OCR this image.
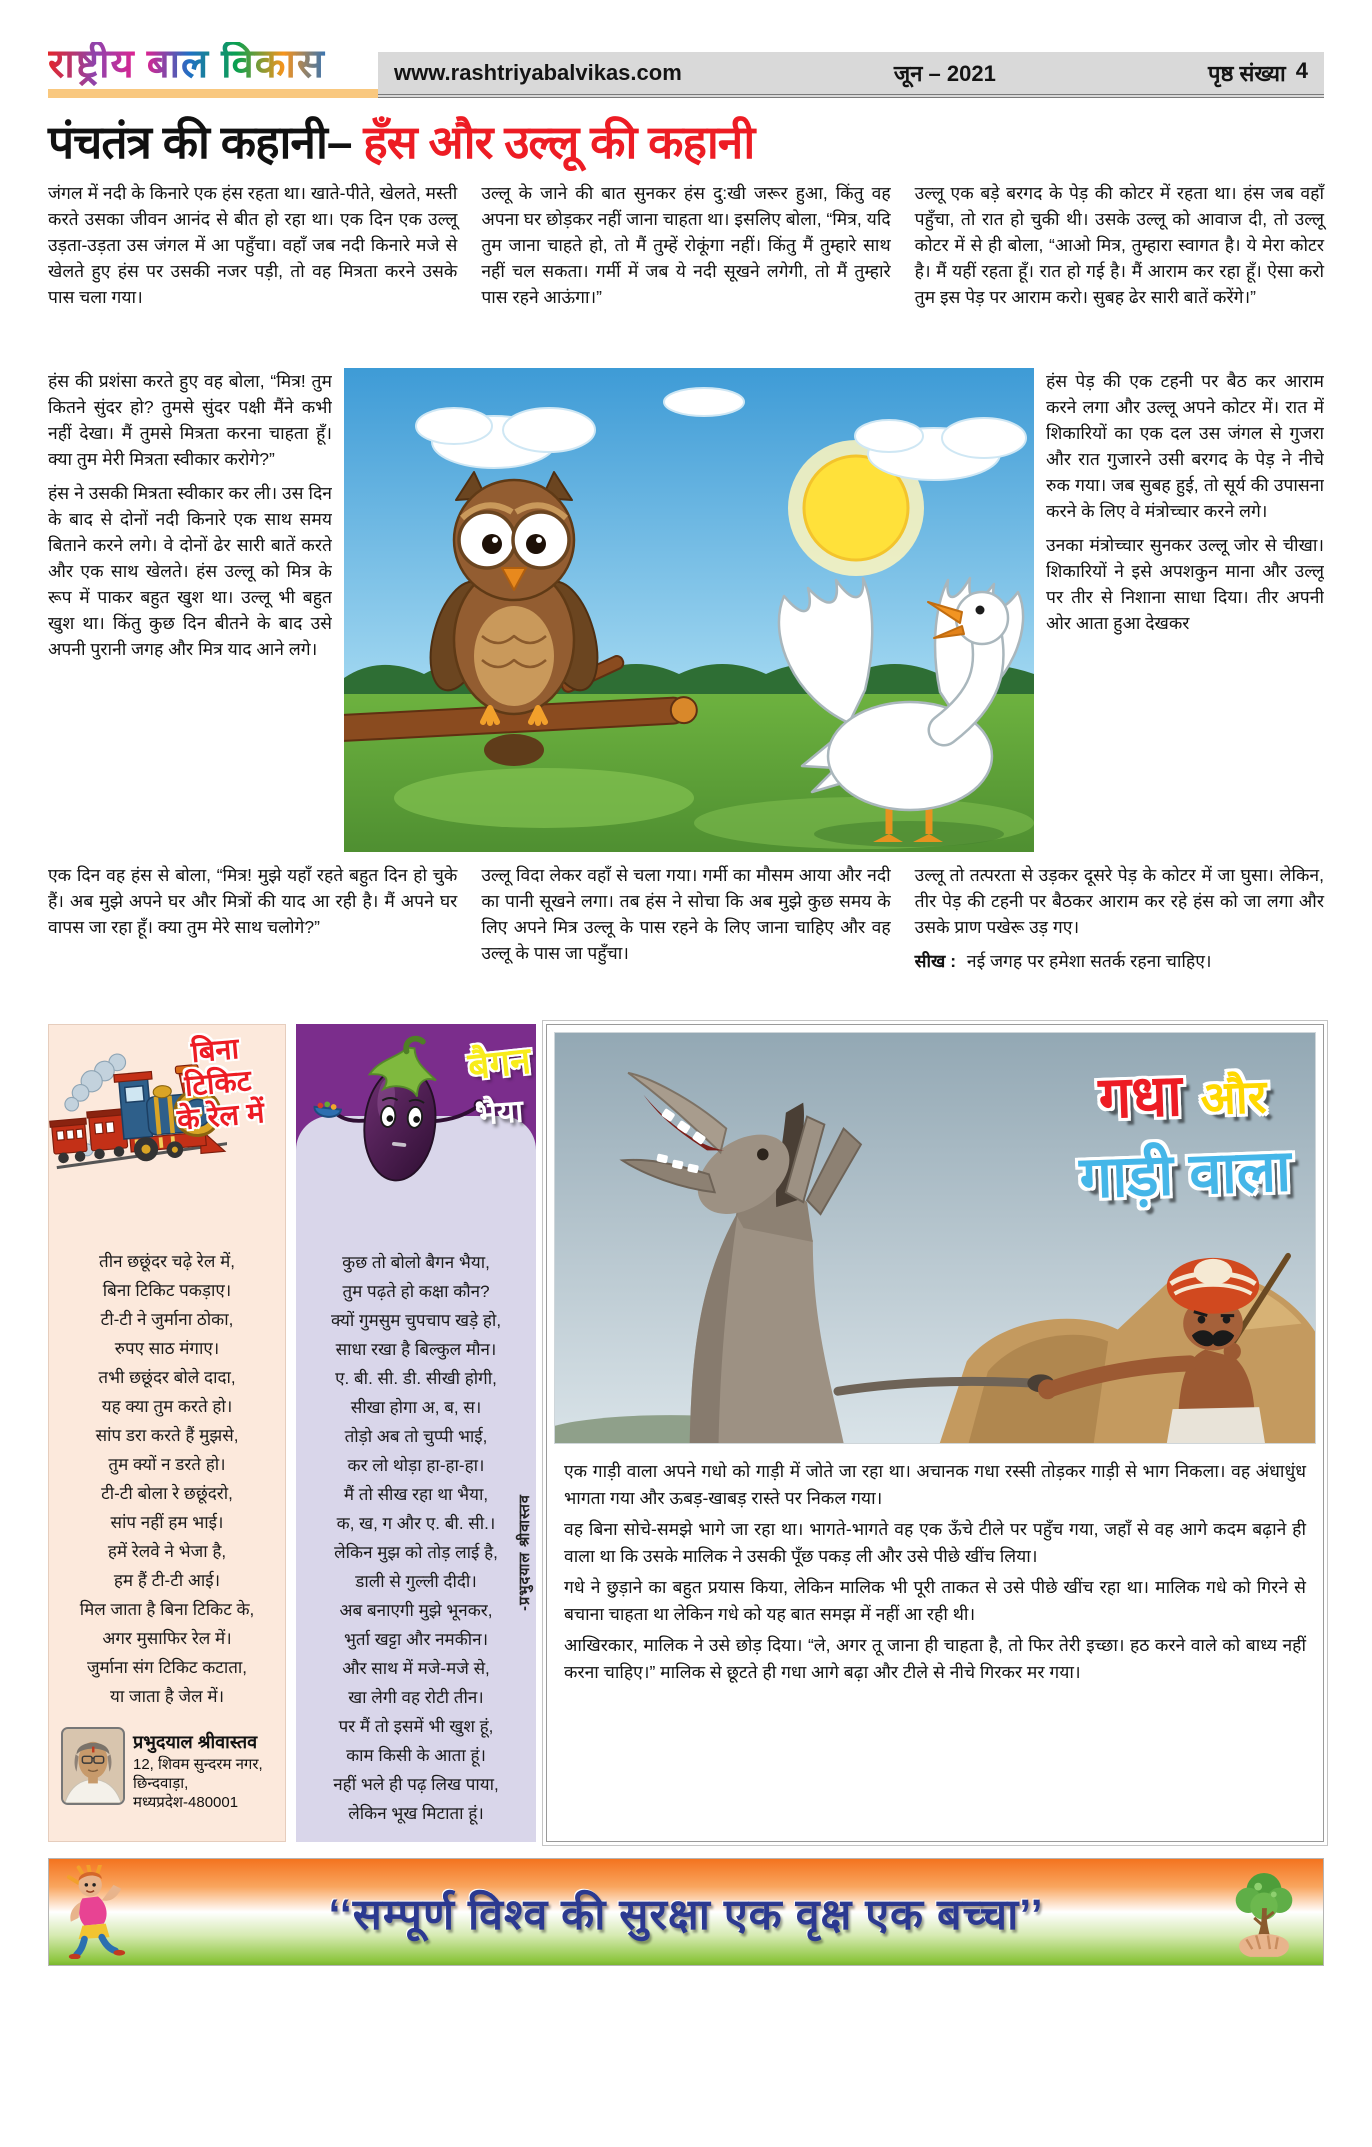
राष्ट्रीय बाल विकास	www.rashtriyabalvikas.com	जून – 2021	पृष्ठ संख्या 4
पंचतंत्र की कहानी– हँस और उल्लू की कहानी

जंगल में नदी के किनारे एक हंस रहता था। खाते-पीते, खेलते, मस्ती करते उसका जीवन आनंद से बीत हो रहा था। एक दिन एक उल्लू उड़ता-उड़ता उस जंगल में आ पहुँचा। वहाँ जब नदी किनारे मजे से खेलते हुए हंस पर उसकी नजर पड़ी, तो वह मित्रता करने उसके पास चला गया।

उल्लू के जाने की बात सुनकर हंस दु:खी जरूर हुआ, किंतु वह अपना घर छोड़कर नहीं जाना चाहता था। इसलिए बोला, “मित्र, यदि तुम जाना चाहते हो, तो मैं तुम्हें रोकूंगा नहीं। किंतु मैं तुम्हारे साथ नहीं चल सकता। गर्मी में जब ये नदी सूखने लगेगी, तो मैं तुम्हारे पास रहने आऊंगा।”

उल्लू एक बड़े बरगद के पेड़ की कोटर में रहता था। हंस जब वहाँ पहुँचा, तो रात हो चुकी थी। उसके उल्लू को आवाज दी, तो उल्लू कोटर में से ही बोला, “आओ मित्र, तुम्हारा स्वागत है। ये मेरा कोटर है। मैं यहीं रहता हूँ। रात हो गई है। मैं आराम कर रहा हूँ। ऐसा करो तुम इस पेड़ पर आराम करो। सुबह ढेर सारी बातें करेंगे।”

हंस की प्रशंसा करते हुए वह बोला, “मित्र! तुम कितने सुंदर हो? तुमसे सुंदर पक्षी मैंने कभी नहीं देखा। मैं तुमसे मित्रता करना चाहता हूँ। क्या तुम मेरी मित्रता स्वीकार करोगे?”

हंस ने उसकी मित्रता स्वीकार कर ली। उस दिन के बाद से दोनों नदी किनारे एक साथ समय बिताने करने लगे। वे दोनों ढेर सारी बातें करते और एक साथ खेलते। हंस उल्लू को मित्र के रूप में पाकर बहुत खुश था। उल्लू भी बहुत खुश था। किंतु कुछ दिन बीतने के बाद उसे अपनी पुरानी जगह और मित्र याद आने लगे।

हंस पेड़ की एक टहनी पर बैठ कर आराम करने लगा और उल्लू अपने कोटर में। रात में शिकारियों का एक दल उस जंगल से गुजरा और रात गुजारने उसी बरगद के पेड़ ने नीचे रुक गया। जब सुबह हुई, तो सूर्य की उपासना करने के लिए वे मंत्रोच्चार करने लगे।

उनका मंत्रोच्चार सुनकर उल्लू जोर से चीखा। शिकारियों ने इसे अपशकुन माना और उल्लू पर तीर से निशाना साधा दिया। तीर अपनी ओर आता हुआ देखकर

एक दिन वह हंस से बोला, “मित्र! मुझे यहाँ रहते बहुत दिन हो चुके हैं। अब मुझे अपने घर और मित्रों की याद आ रही है। मैं अपने घर वापस जा रहा हूँ। क्या तुम मेरे साथ चलोगे?”

उल्लू विदा लेकर वहाँ से चला गया। गर्मी का मौसम आया और नदी का पानी सूखने लगा। तब हंस ने सोचा कि अब मुझे कुछ समय के लिए अपने मित्र उल्लू के पास रहने के लिए जाना चाहिए और वह उल्लू के पास जा पहुँचा।

उल्लू तो तत्परता से उड़कर दूसरे पेड़ के कोटर में जा घुसा। लेकिन, तीर पेड़ की टहनी पर बैठकर आराम कर रहे हंस को जा लगा और उसके प्राण पखेरू उड़ गए।

सीख : नई जगह पर हमेशा सतर्क रहना चाहिए।

बिना
टिकिट
के रेल में
तीन छछूंदर चढ़े रेल में,
बिना टिकिट पकड़ाए।
टी-टी ने जुर्माना ठोका,
रुपए साठ मंगाए।
तभी छछूंदर बोले दादा,
यह क्या तुम करते हो।
सांप डरा करते हैं मुझसे,
तुम क्यों न डरते हो।
टी-टी बोला रे छछूंदरो,
सांप नहीं हम भाई।
हमें रेलवे ने भेजा है,
हम हैं टी-टी आई।
मिल जाता है बिना टिकिट के,
अगर मुसाफिर रेल में।
जुर्माना संग टिकिट कटाता,
या जाता है जेल में।
प्रभुदयाल श्रीवास्तव
12, शिवम सुन्दरम नगर,
छिन्दवाड़ा,
मध्यप्रदेश-480001
बैगन
भैया
कुछ तो बोलो बैगन भैया,
तुम पढ़ते हो कक्षा कौन?
क्यों गुमसुम चुपचाप खड़े हो,
साधा रखा है बिल्कुल मौन।
ए. बी. सी. डी. सीखी होगी,
सीखा होगा अ, ब, स।
तोड़ो अब तो चुप्पी भाई,
कर लो थोड़ा हा-हा-हा।
मैं तो सीख रहा था भैया,
क, ख, ग और ए. बी. सी.।
लेकिन मुझ को तोड़ लाई है,
डाली से गुल्ली दीदी।
अब बनाएगी मुझे भूनकर,
भुर्ता खट्टा और नमकीन।
और साथ में मजे-मजे से,
खा लेगी वह रोटी तीन।
पर मैं तो इसमें भी खुश हूं,
काम किसी के आता हूं।
नहीं भले ही पढ़ लिख पाया,
लेकिन भूख मिटाता हूं।
-प्रभुदयाल श्रीवास्तव
गधा और
गाड़ी वाला

एक गाड़ी वाला अपने गधो को गाड़ी में जोते जा रहा था। अचानक गधा रस्सी तोड़कर गाड़ी से भाग निकला। वह अंधाधुंध भागता गया और ऊबड़-खाबड़ रास्ते पर निकल गया।

वह बिना सोचे-समझे भागे जा रहा था। भागते-भागते वह एक ऊँचे टीले पर पहुँच गया, जहाँ से वह आगे कदम बढ़ाने ही वाला था कि उसके मालिक ने उसकी पूँछ पकड़ ली और उसे पीछे खींच लिया।

गधे ने छुड़ाने का बहुत प्रयास किया, लेकिन मालिक भी पूरी ताकत से उसे पीछे खींच रहा था। मालिक गधे को गिरने से बचाना चाहता था लेकिन गधे को यह बात समझ में नहीं आ रही थी।

आखिरकार, मालिक ने उसे छोड़ दिया। “ले, अगर तू जाना ही चाहता है, तो फिर तेरी इच्छा। हठ करने वाले को बाध्य नहीं करना चाहिए।” मालिक से छूटते ही गधा आगे बढ़ा और टीले से नीचे गिरकर मर गया।

‘‘सम्पूर्ण विश्व की सुरक्षा एक वृक्ष एक बच्चा’’
